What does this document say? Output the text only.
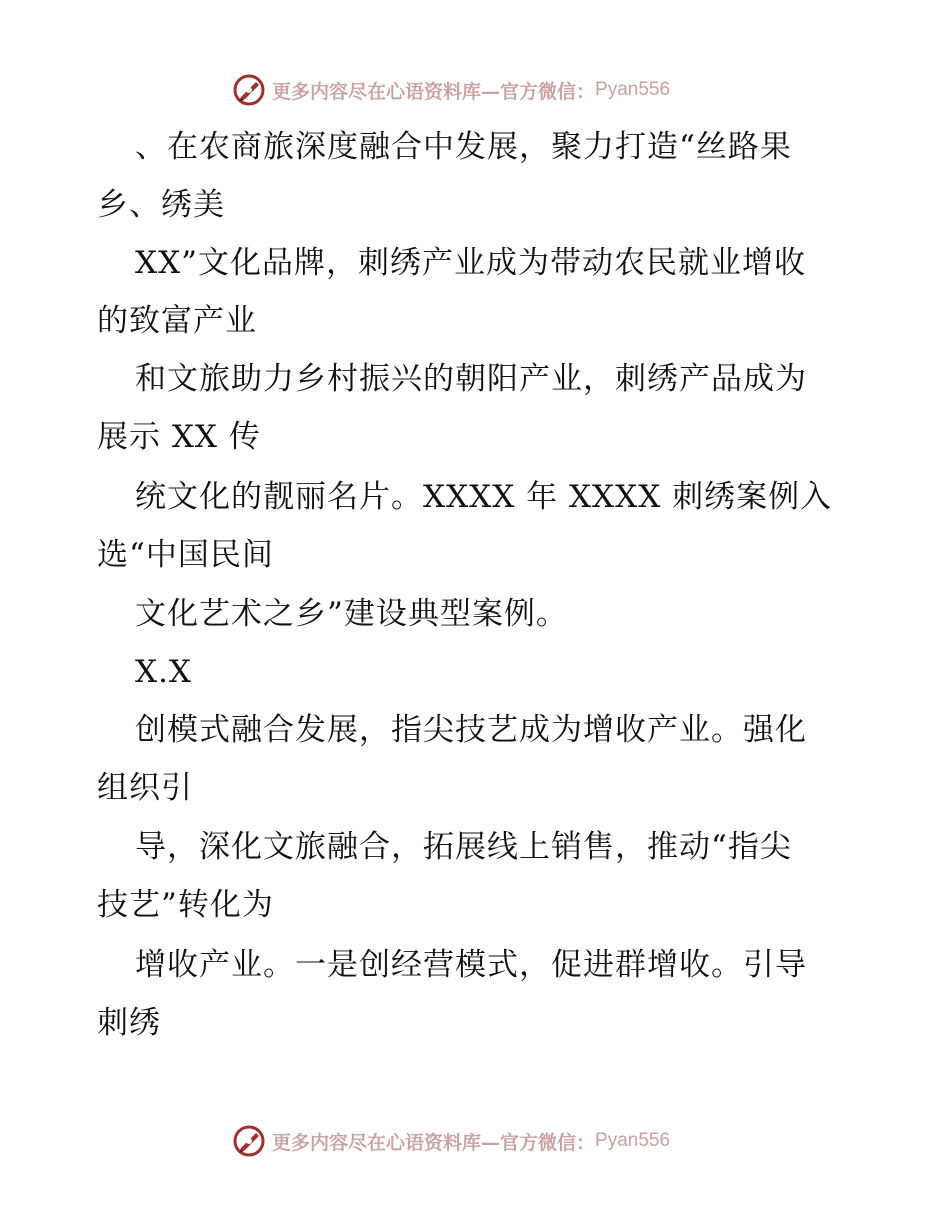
更多内容尽在心语资料库—官方微信： Pyan556

、在农商旅深度融合中发展，聚力打造“丝路果

乡、绣美

XX”文化品牌，刺绣产业成为带动农民就业增收

的致富产业

和文旅助力乡村振兴的朝阳产业，刺绣产品成为

展示 XX 传

统文化的靓丽名片。XXXX 年 XXXX 刺绣案例入

选“中国民间

文化艺术之乡”建设典型案例。

X.X

创模式融合发展，指尖技艺成为增收产业。强化

组织引

导，深化文旅融合，拓展线上销售，推动“指尖

技艺”转化为

增收产业。一是创经营模式，促进群增收。引导

刺绣

更多内容尽在心语资料库—官方微信： Pyan556
